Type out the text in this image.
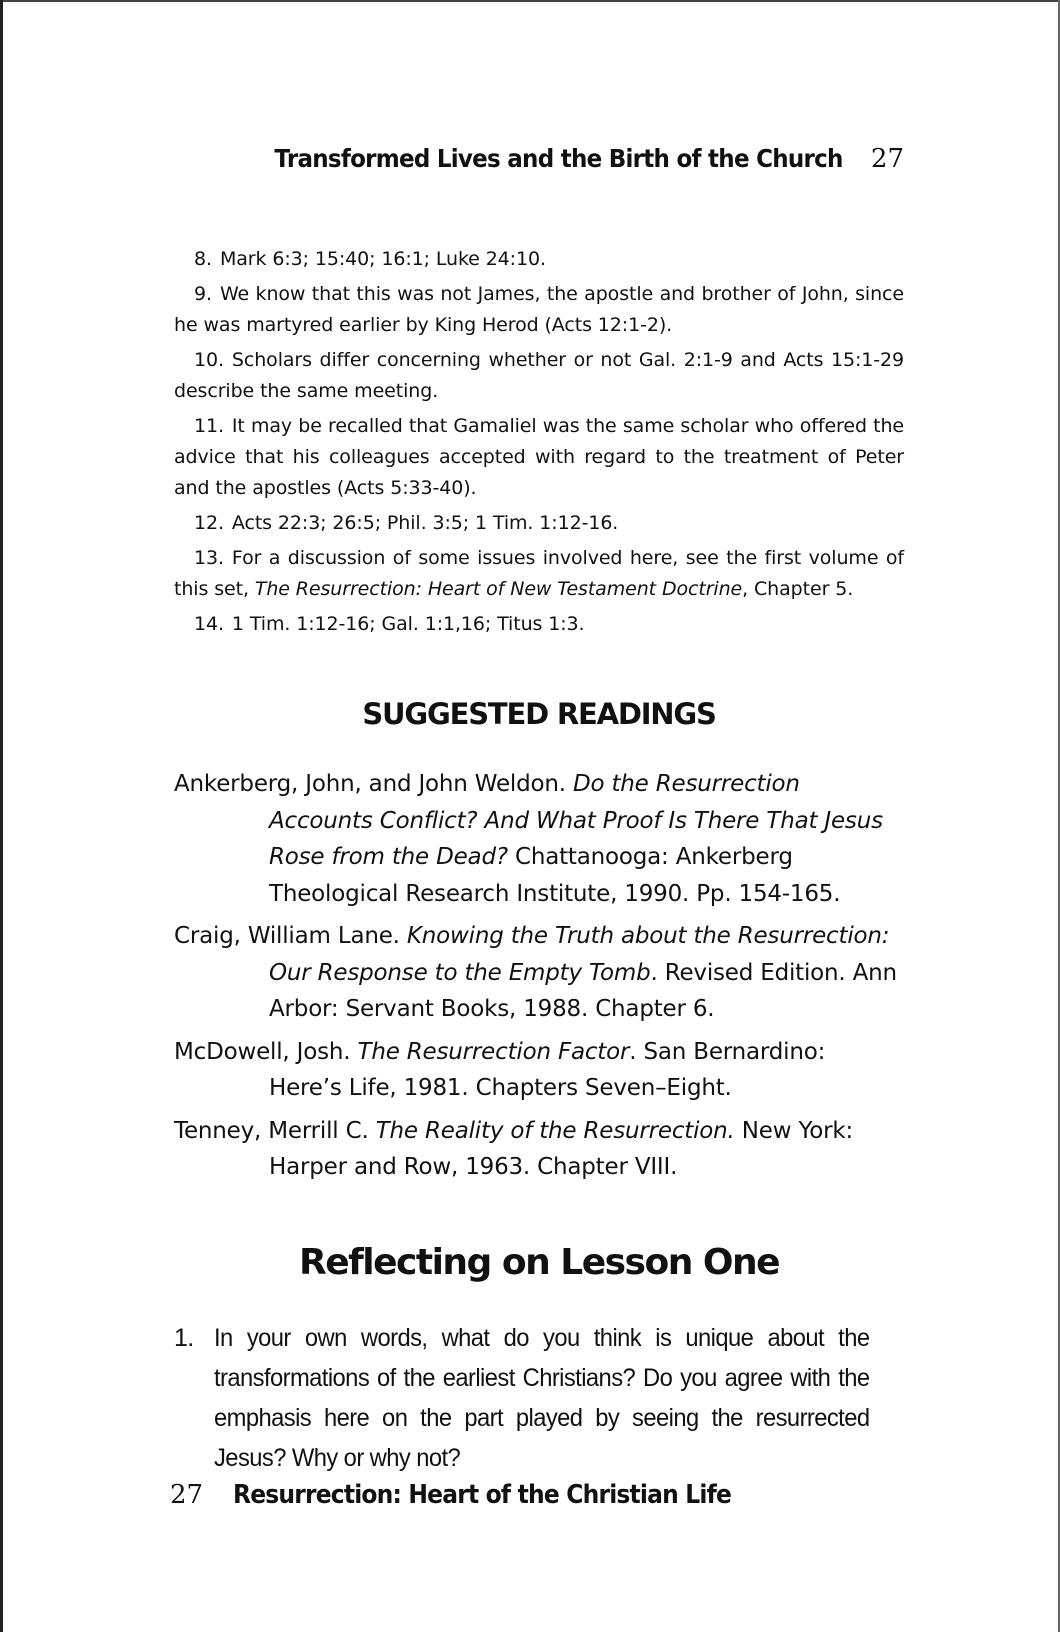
Transformed Lives and the Birth of the Church 27

8. Mark 6:3; 15:40; 16:1; Luke 24:10.

9. We know that this was not James, the apostle and brother of John, since he was martyred earlier by King Herod (Acts 12:1-2).

10. Scholars differ concerning whether or not Gal. 2:1-9 and Acts 15:1-29 describe the same meeting.

11. It may be recalled that Gamaliel was the same scholar who offered the advice that his colleagues accepted with regard to the treatment of Peter and the apostles (Acts 5:33-40).

12. Acts 22:3; 26:5; Phil. 3:5; 1 Tim. 1:12-16.

13. For a discussion of some issues involved here, see the first volume of this set, The Resurrection: Heart of New Testament Doctrine, Chapter 5.

14. 1 Tim. 1:12-16; Gal. 1:1,16; Titus 1:3.

SUGGESTED READINGS

Ankerberg, John, and John Weldon. Do the Resurrection Accounts Conflict? And What Proof Is There That Jesus Rose from the Dead? Chattanooga: Ankerberg Theological Research Institute, 1990. Pp. 154-165.

Craig, William Lane. Knowing the Truth about the Resurrection: Our Response to the Empty Tomb. Revised Edition. Ann Arbor: Servant Books, 1988. Chapter 6.

McDowell, Josh. The Resurrection Factor. San Bernardino: Here’s Life, 1981. Chapters Seven–Eight.

Tenney, Merrill C. The Reality of the Resurrection. New York: Harper and Row, 1963. Chapter VIII.

Reflecting on Lesson One
1. In your own words, what do you think is unique about the transformations of the earliest Christians? Do you agree with the emphasis here on the part played by seeing the resurrected Jesus? Why or why not?
27 Resurrection: Heart of the Christian Life
